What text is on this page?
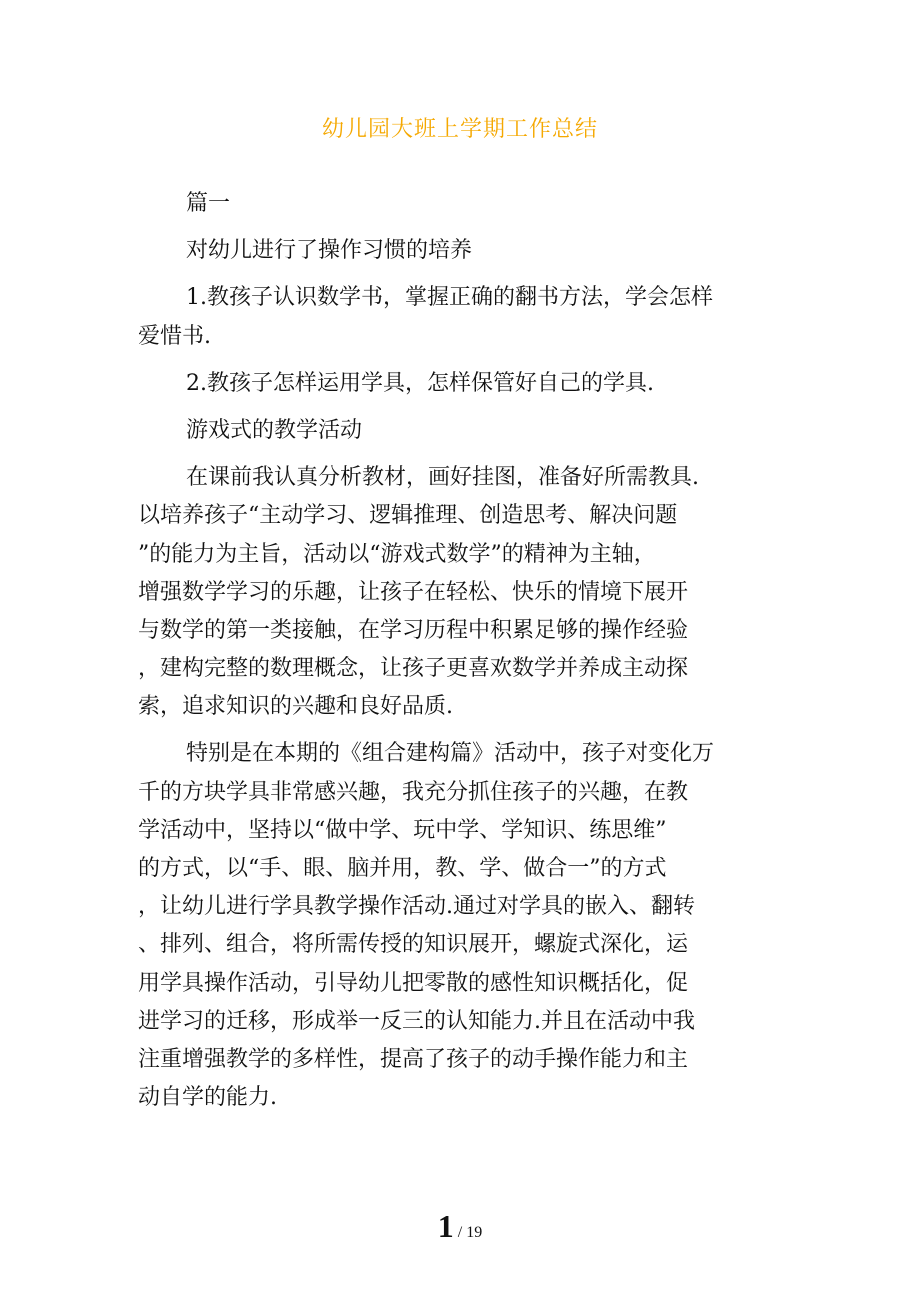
幼儿园大班上学期工作总结
篇一
对幼儿进行了操作习惯的培养
1.教孩子认识数学书，掌握正确的翻书方法，学会怎样
爱惜书.
2.教孩子怎样运用学具，怎样保管好自己的学具.
游戏式的教学活动
在课前我认真分析教材，画好挂图，准备好所需教具.
以培养孩子“主动学习、逻辑推理、创造思考、解决问题
”的能力为主旨，活动以“游戏式数学”的精神为主轴，
增强数学学习的乐趣，让孩子在轻松、快乐的情境下展开
与数学的第一类接触，在学习历程中积累足够的操作经验
，建构完整的数理概念，让孩子更喜欢数学并养成主动探
索，追求知识的兴趣和良好品质.
特别是在本期的《组合建构篇》活动中，孩子对变化万
千的方块学具非常感兴趣，我充分抓住孩子的兴趣，在教
学活动中，坚持以“做中学、玩中学、学知识、练思维”
的方式，以“手、眼、脑并用，教、学、做合一”的方式
，让幼儿进行学具教学操作活动.通过对学具的嵌入、翻转
、排列、组合，将所需传授的知识展开，螺旋式深化，运
用学具操作活动，引导幼儿把零散的感性知识概括化，促
进学习的迁移，形成举一反三的认知能力.并且在活动中我
注重增强教学的多样性，提高了孩子的动手操作能力和主
动自学的能力.
1 / 19
